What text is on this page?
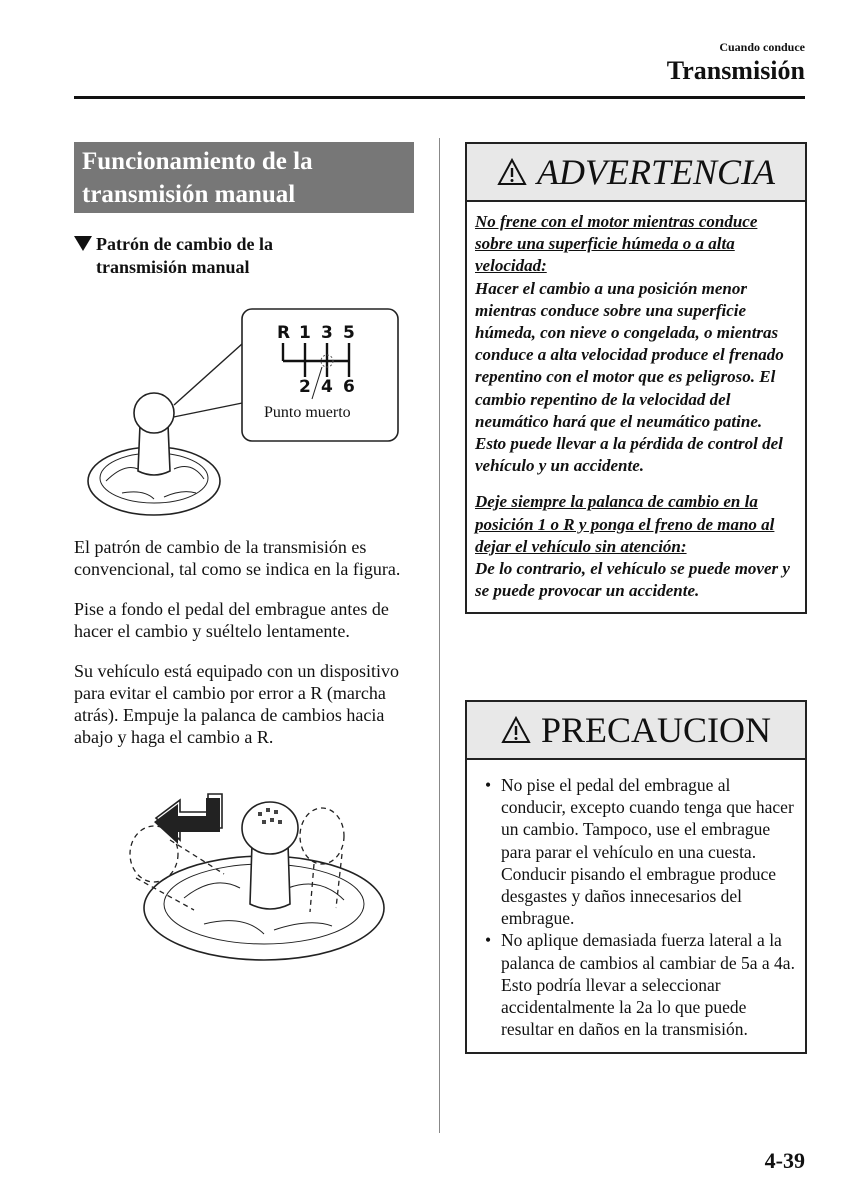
Cuando conduce
Transmisión
Funcionamiento de la
transmisión manual
Patrón de cambio de la
transmisión manual
R 1 3 5
2 4 6
Punto muerto
El patrón de cambio de la transmisión es convencional, tal como se indica en la figura.
Pise a fondo el pedal del embrague antes de hacer el cambio y suéltelo lentamente.
Su vehículo está equipado con un dispositivo para evitar el cambio por error a R (marcha atrás). Empuje la palanca de cambios hacia abajo y haga el cambio a R.
ADVERTENCIA
No frene con el motor mientras conduce sobre una superficie húmeda o a alta velocidad:
Hacer el cambio a una posición menor mientras conduce sobre una superficie húmeda, con nieve o congelada, o mientras conduce a alta velocidad produce el frenado repentino con el motor que es peligroso. El cambio repentino de la velocidad del neumático hará que el neumático patine. Esto puede llevar a la pérdida de control del vehículo y un accidente.
Deje siempre la palanca de cambio en la posición 1 o R y ponga el freno de mano al dejar el vehículo sin atención:
De lo contrario, el vehículo se puede mover y se puede provocar un accidente.
PRECAUCION
• No pise el pedal del embrague al conducir, excepto cuando tenga que hacer un cambio. Tampoco, use el embrague para parar el vehículo en una cuesta. Conducir pisando el embrague produce desgastes y daños innecesarios del embrague.
• No aplique demasiada fuerza lateral a la palanca de cambios al cambiar de 5a a 4a. Esto podría llevar a seleccionar accidentalmente la 2a lo que puede resultar en daños en la transmisión.
4-39
